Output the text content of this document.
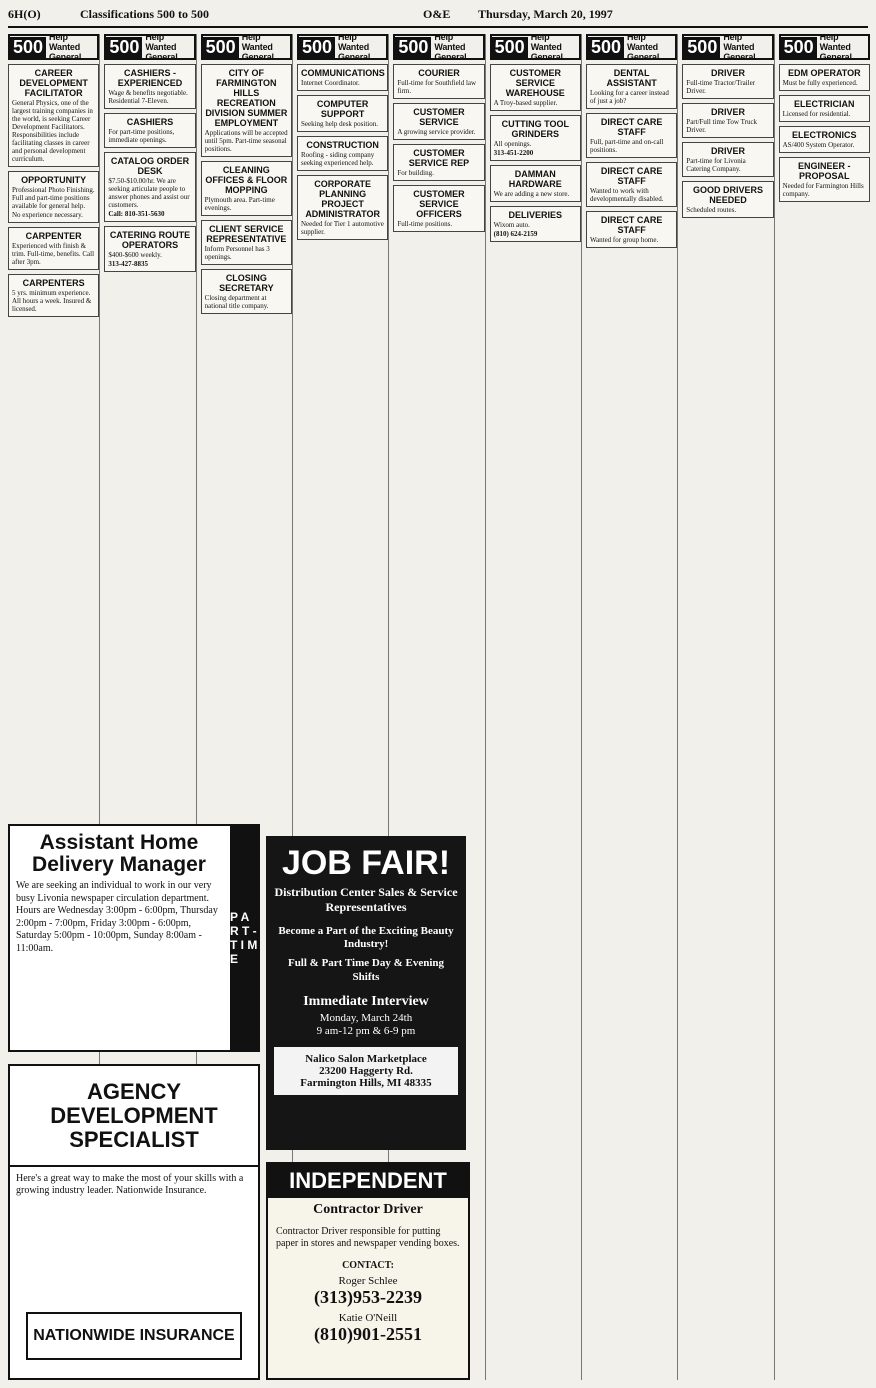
6H(O)	Classifications 500 to 500	O&E Thursday, March 20, 1997
500 Help Wanted General
CAREER DEVELOPMENT FACILITATOR
General Physics, one of the largest training companies in the world, is seeking Career Development Facilitators. Responsibilities include facilitating classes in career and personal development curriculum.
OPPORTUNITY
Professional Photo Finishing. Full and part-time positions available for general help. No experience necessary.
CARPENTER
Experienced with finish & trim. Full-time, benefits. Call after 3pm.
CARPENTERS
5 yrs. minimum experience. All hours a week. Insured & licensed.
500 Help Wanted General
CASHIERS - EXPERIENCED
Wage & benefits negotiable. Residential 7-Eleven.
CASHIERS
For part-time positions, immediate openings.
CATALOG ORDER DESK
$7.50-$10.00/hr. We are seeking articulate people to answer phones and assist our customers.
Call: 810-351-5630
CATERING ROUTE OPERATORS
$400-$600 weekly.
313-427-8835
500 Help Wanted General
CITY OF FARMINGTON HILLS RECREATION DIVISION SUMMER EMPLOYMENT
Applications will be accepted until 5pm. Part-time seasonal positions.
CLEANING OFFICES & FLOOR MOPPING
Plymouth area. Part-time evenings.
CLIENT SERVICE REPRESENTATIVE
Inform Personnel has 3 openings.
CLOSING SECRETARY
Closing department at national title company.
500 Help Wanted General
COMMUNICATIONS
Internet Coordinator.
COMPUTER SUPPORT
Seeking help desk position.
CONSTRUCTION
Roofing - siding company seeking experienced help.
CORPORATE PLANNING PROJECT ADMINISTRATOR
Needed for Tier 1 automotive supplier.
500 Help Wanted General
COURIER
Full-time for Southfield law firm.
CUSTOMER SERVICE
A growing service provider.
CUSTOMER SERVICE REP
For building.
CUSTOMER SERVICE OFFICERS
Full-time positions.
500 Help Wanted General
CUSTOMER SERVICE WAREHOUSE
A Troy-based supplier.
CUTTING TOOL GRINDERS
All openings.
313-451-2200
DAMMAN HARDWARE
We are adding a new store.
DELIVERIES
Wixom auto.
(810) 624-2159
500 Help Wanted General
DENTAL ASSISTANT
Looking for a career instead of just a job?
DIRECT CARE STAFF
Full, part-time and on-call positions.
DIRECT CARE STAFF
Wanted to work with developmentally disabled.
DIRECT CARE STAFF
Wanted for group home.
500 Help Wanted General
DRIVER
Full-time Tractor/Trailer Driver.
DRIVER
Part/Full time Tow Truck Driver.
DRIVER
Part-time for Livonia Catering Company.
GOOD DRIVERS NEEDED
Scheduled routes.
500 Help Wanted General
EDM OPERATOR
Must be fully experienced.
ELECTRICIAN
Licensed for residential.
ELECTRONICS
AS/400 System Operator.
ENGINEER - PROPOSAL
Needed for Farmington Hills company.
Assistant Home Delivery Manager
We are seeking an individual to work in our very busy Livonia newspaper circulation department. Hours are Wednesday 3:00pm - 6:00pm, Thursday 2:00pm - 7:00pm, Friday 3:00pm - 6:00pm, Saturday 5:00pm - 10:00pm, Sunday 8:00am - 11:00am.
P A R T - T I M E
AGENCY DEVELOPMENT SPECIALIST
Here's a great way to make the most of your skills with a growing industry leader. Nationwide Insurance.
NATIONWIDE INSURANCE
JOB FAIR!
Distribution Center Sales & Service Representatives
Become a Part of the Exciting Beauty Industry!
Full & Part Time Day & Evening Shifts
Immediate Interview
Monday, March 24th
9 am-12 pm & 6-9 pm
Nalico Salon Marketplace
23200 Haggerty Rd.
Farmington Hills, MI 48335
INDEPENDENT
Contractor Driver
Contractor Driver responsible for putting paper in stores and newspaper vending boxes.
CONTACT:
Roger Schlee
(313)953-2239
Katie O'Neill
(810)901-2551
